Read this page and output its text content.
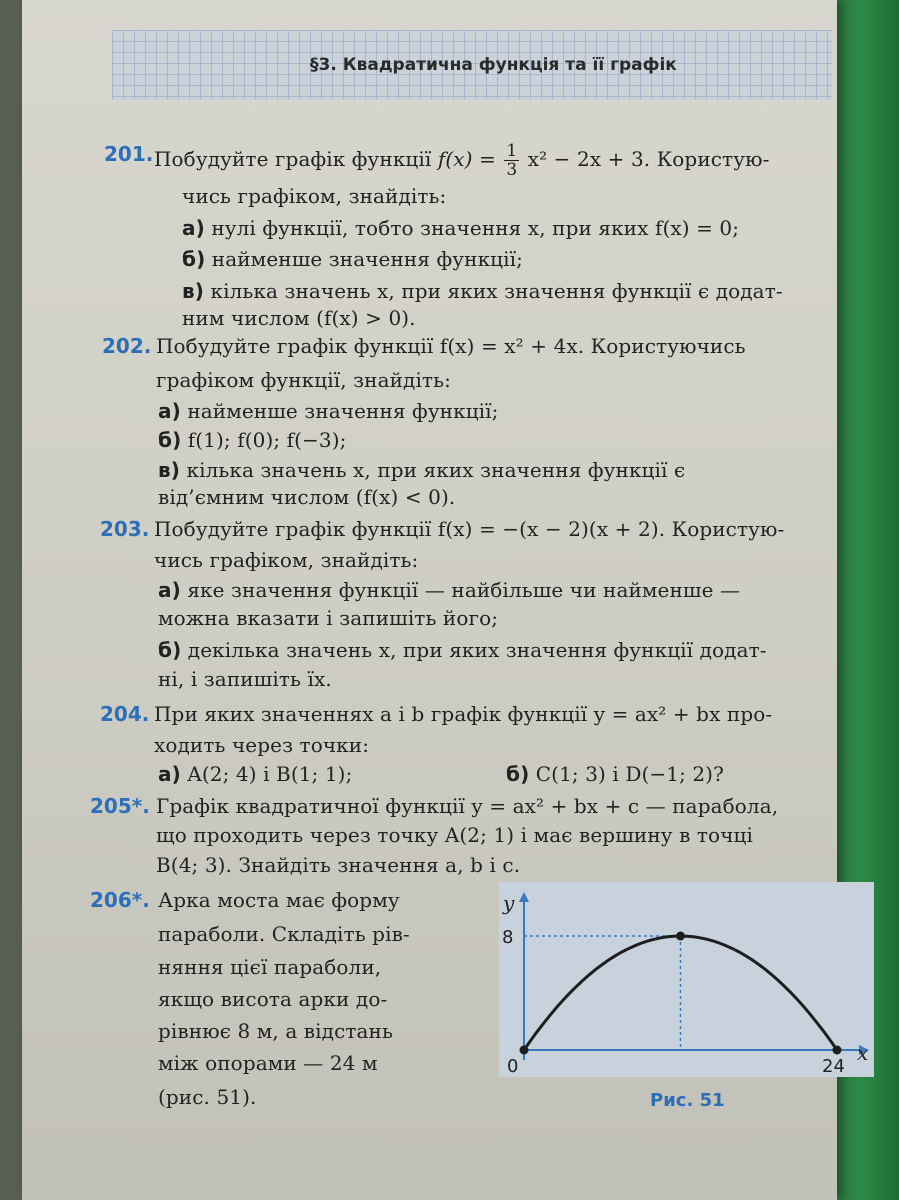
§3. Квадратична функція та її графік
201. Побудуйте графік функції $f(x) = \frac{1}{3} x^2 - 2x + 3$. Користую-
чись графіком, знайдіть:
а) нулі функції, тобто значення x, при яких f(x) = 0;
б) найменше значення функції;
в) кілька значень x, при яких значення функції є додат-
ним числом (f(x) > 0).
202. Побудуйте графік функції f(x) = x² + 4x. Користуючись
графіком функції, знайдіть:
а) найменше значення функції;
б) f(1); f(0); f(−3);
в) кілька значень x, при яких значення функції є
від’ємним числом (f(x) < 0).
203. Побудуйте графік функції f(x) = −(x − 2)(x + 2). Користую-
чись графіком, знайдіть:
а) яке значення функції — найбільше чи найменше —
можна вказати і запишіть його;
б) декілька значень x, при яких значення функції додат-
ні, і запишіть їх.
204. При яких значеннях a і b графік функції y = ax² + bx про-
ходить через точки:
а) A(2; 4) і B(1; 1);	б) C(1; 3) і D(−1; 2)?
205*. Графік квадратичної функції y = ax² + bx + c — парабола,
що проходить через точку A(2; 1) і має вершину в точці
B(4; 3). Знайдіть значення a, b і c.
206*. Арка моста має форму
параболи. Складіть рів-
няння цієї параболи,
якщо висота арки до-
рівнює 8 м, а відстань
між опорами — 24 м
(рис. 51).
y
x
8
0	24
Рис. 51
